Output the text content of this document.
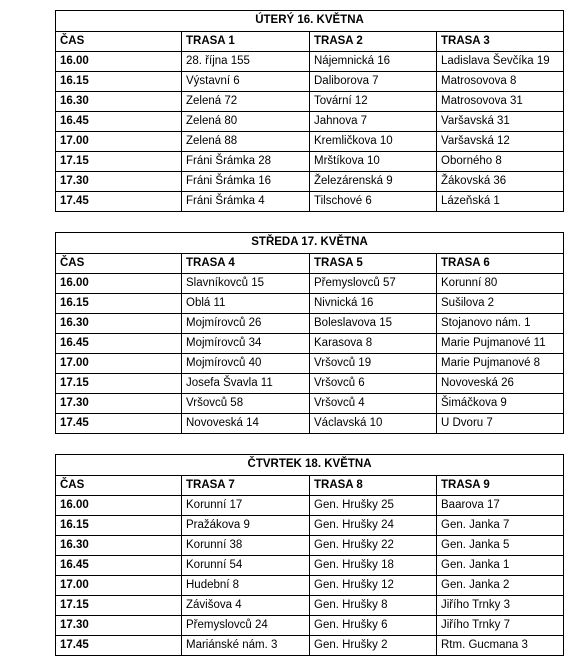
ÚTERÝ 16. KVĚTNA			
ČAS	TRASA 1	TRASA 2	TRASA 3
16.00	28. října 155	Nájemnická 16	Ladislava Ševčíka 19
16.15	Výstavní 6	Daliborova 7	Matrosovova 8
16.30	Zelená 72	Tovární 12	Matrosovova 31
16.45	Zelená 80	Jahnova 7	Varšavská 31
17.00	Zelená 88	Kremličkova 10	Varšavská 12
17.15	Fráni Šrámka 28	Mrštíkova 10	Oborného 8
17.30	Fráni Šrámka 16	Železárenská 9	Žákovská 36
17.45	Fráni Šrámka 4	Tilschové 6	Lázeňská 1
STŘEDA 17. KVĚTNA			
ČAS	TRASA 4	TRASA 5	TRASA 6
16.00	Slavníkovců 15	Přemyslovců 57	Korunní 80
16.15	Oblá 11	Nivnická 16	Sušilova 2
16.30	Mojmírovců 26	Boleslavova 15	Stojanovo nám. 1
16.45	Mojmírovců 34	Karasova 8	Marie Pujmanové 11
17.00	Mojmírovců 40	Vršovců 19	Marie Pujmanové 8
17.15	Josefa Švavla 11	Vršovců 6	Novoveská 26
17.30	Vršovců 58	Vršovců 4	Šimáčkova 9
17.45	Novoveská 14	Václavská 10	U Dvoru 7
ČTVRTEK 18. KVĚTNA			
ČAS	TRASA 7	TRASA 8	TRASA 9
16.00	Korunní 17	Gen. Hrušky 25	Baarova 17
16.15	Pražákova 9	Gen. Hrušky 24	Gen. Janka 7
16.30	Korunní 38	Gen. Hrušky 22	Gen. Janka 5
16.45	Korunní 54	Gen. Hrušky 18	Gen. Janka 1
17.00	Hudební 8	Gen. Hrušky 12	Gen. Janka 2
17.15	Závišova 4	Gen. Hrušky 8	Jiřího Trnky 3
17.30	Přemyslovců 24	Gen. Hrušky 6	Jiřího Trnky 7
17.45	Mariánské nám. 3	Gen. Hrušky 2	Rtm. Gucmana 3
